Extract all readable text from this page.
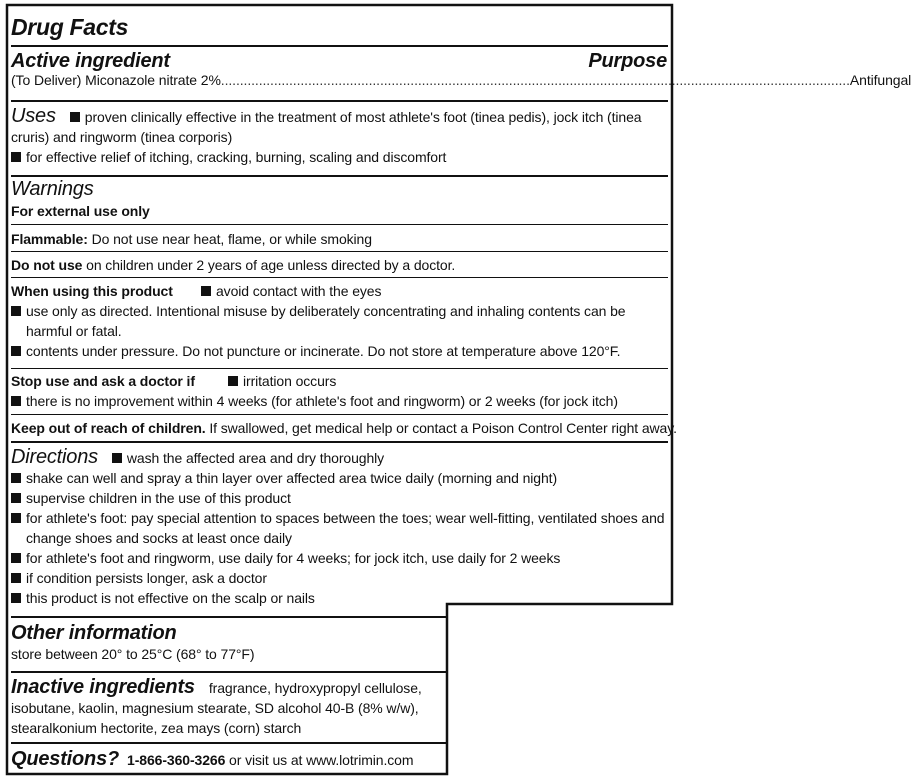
Drug Facts
Active ingredient	Purpose
(To Deliver) Miconazole nitrate 2% ...................................................................................................................................................................... Antifungal
Uses proven clinically effective in the treatment of most athlete's foot (tinea pedis), jock itch (tinea cruris) and ringworm (tinea corporis)
for effective relief of itching, cracking, burning, scaling and discomfort
Warnings
For external use only
Flammable: Do not use near heat, flame, or while smoking
Do not use on children under 2 years of age unless directed by a doctor.
When using this product	avoid contact with the eyes
use only as directed. Intentional misuse by deliberately concentrating and inhaling contents can be harmful or fatal.
contents under pressure. Do not puncture or incinerate. Do not store at temperature above 120°F.
Stop use and ask a doctor if	irritation occurs
there is no improvement within 4 weeks (for athlete's foot and ringworm) or 2 weeks (for jock itch)
Keep out of reach of children. If swallowed, get medical help or contact a Poison Control Center right away.
Directions wash the affected area and dry thoroughly
shake can well and spray a thin layer over affected area twice daily (morning and night)
supervise children in the use of this product
for athlete's foot: pay special attention to spaces between the toes; wear well-fitting, ventilated shoes and change shoes and socks at least once daily
for athlete's foot and ringworm, use daily for 4 weeks; for jock itch, use daily for 2 weeks
if condition persists longer, ask a doctor
this product is not effective on the scalp or nails
Other information
store between 20° to 25°C (68° to 77°F)
Inactive ingredients fragrance, hydroxypropyl cellulose, isobutane, kaolin, magnesium stearate, SD alcohol 40-B (8% w/w), stearalkonium hectorite, zea mays (corn) starch
Questions? 1-866-360-3266 or visit us at www.lotrimin.com
